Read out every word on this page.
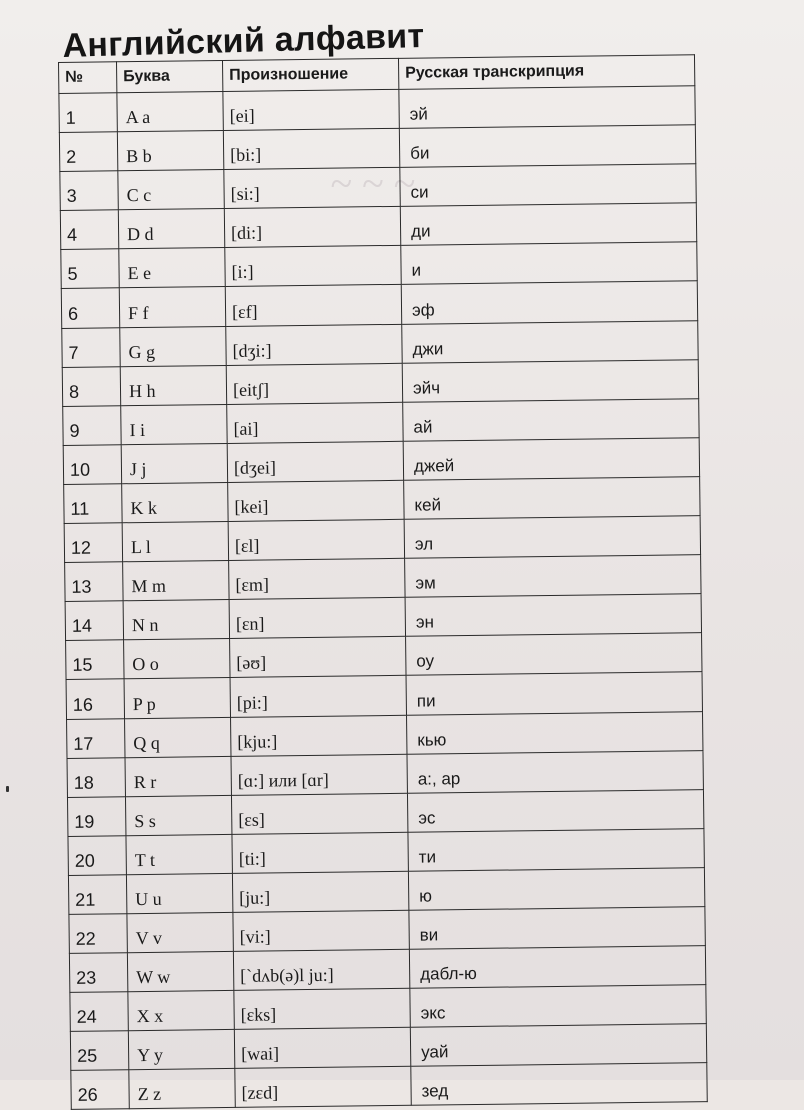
~ ~ ~
Английский алфавит
№	Буква	Произношение	Русская транскрипция
1	A a	[ei]	эй
2	B b	[bi:]	би
3	C c	[si:]	си
4	D d	[di:]	ди
5	E e	[i:]	и
6	F f	[ɛf]	эф
7	G g	[dʒi:]	джи
8	H h	[eitʃ]	эйч
9	I i	[ai]	ай
10	J j	[dʒei]	джей
11	K k	[kei]	кей
12	L l	[ɛl]	эл
13	M m	[ɛm]	эм
14	N n	[ɛn]	эн
15	O o	[əʊ]	оу
16	P p	[pi:]	пи
17	Q q	[kju:]	кью
18	R r	[ɑ:] или [ɑr]	а:, ар
19	S s	[ɛs]	эс
20	T t	[ti:]	ти
21	U u	[ju:]	ю
22	V v	[vi:]	ви
23	W w	[`dʌb(ə)l ju:]	дабл-ю
24	X x	[ɛks]	экс
25	Y y	[wai]	уай
26	Z z	[zɛd]	зед
